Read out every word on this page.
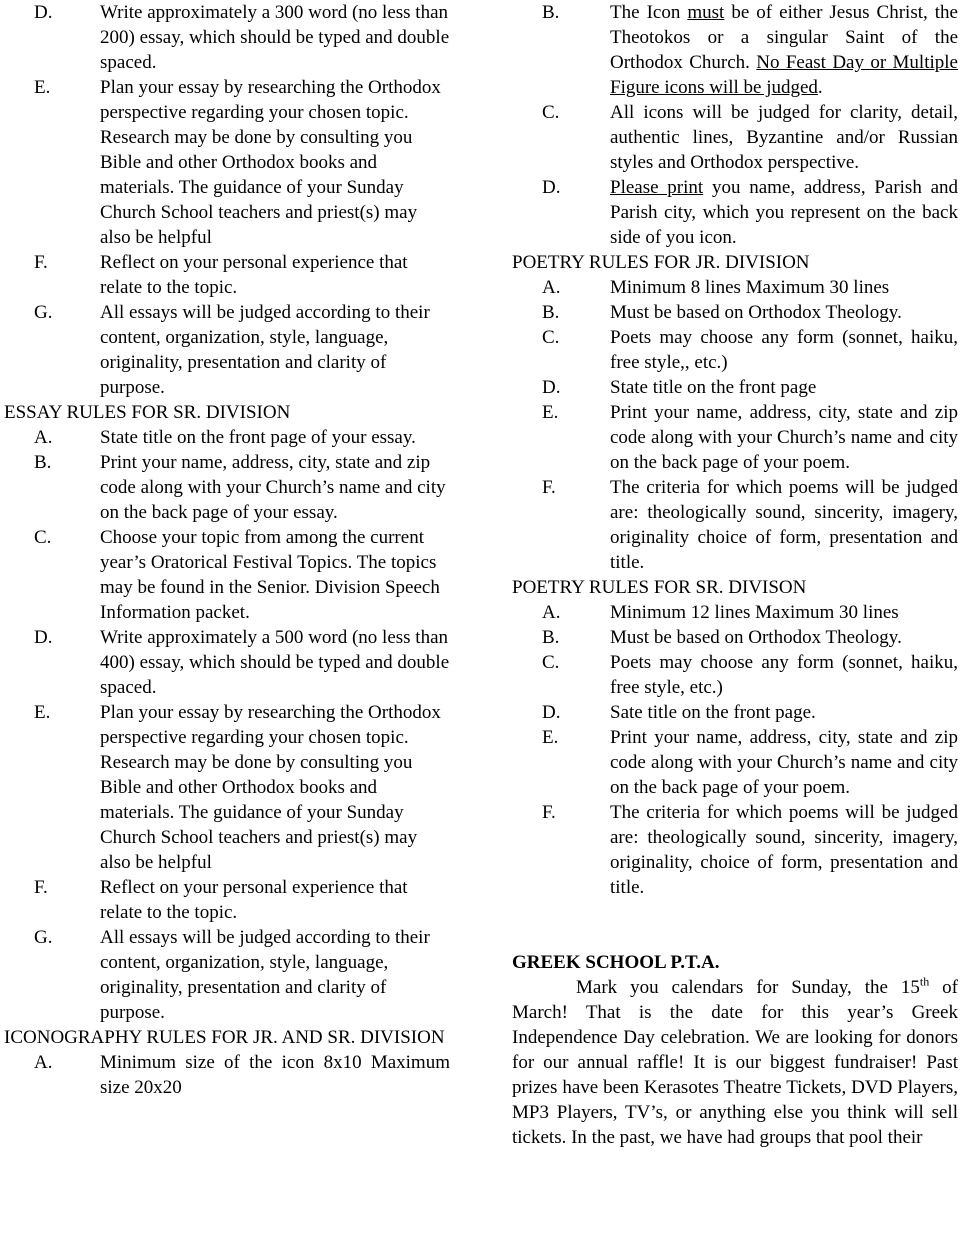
D.	Write approximately a 300 word (no less than 200) essay, which should be typed and double spaced.
E.	Plan your essay by researching the Orthodox perspective regarding your chosen topic. Research may be done by consulting you Bible and other Orthodox books and materials. The guidance of your Sunday Church School teachers and priest(s) may also be helpful
F.	Reflect on your personal experience that relate to the topic.
G.	All essays will be judged according to their content, organization, style, language, originality, presentation and clarity of purpose.
ESSAY RULES FOR SR. DIVISION
A.	State title on the front page of your essay.
B.	Print your name, address, city, state and zip code along with your Church’s name and city on the back page of your essay.
C.	Choose your topic from among the current year’s Oratorical Festival Topics. The topics may be found in the Senior. Division Speech Information packet.
D.	Write approximately a 500 word (no less than 400) essay, which should be typed and double spaced.
E.	Plan your essay by researching the Orthodox perspective regarding your chosen topic. Research may be done by consulting you Bible and other Orthodox books and materials. The guidance of your Sunday Church School teachers and priest(s) may also be helpful
F.	Reflect on your personal experience that relate to the topic.
G.	All essays will be judged according to their content, organization, style, language, originality, presentation and clarity of purpose.
ICONOGRAPHY RULES FOR JR. AND SR. DIVISION
A.	Minimum size of the icon 8x10 Maximum size 20x20
B.	The Icon must be of either Jesus Christ, the Theotokos or a singular Saint of the Orthodox Church. No Feast Day or Multiple Figure icons will be judged.
C.	All icons will be judged for clarity, detail, authentic lines, Byzantine and/or Russian styles and Orthodox perspective.
D.	Please print you name, address, Parish and Parish city, which you represent on the back side of you icon.
POETRY RULES FOR JR. DIVISION
A.	Minimum 8 lines Maximum 30 lines
B.	Must be based on Orthodox Theology.
C.	Poets may choose any form (sonnet, haiku, free style,, etc.)
D.	State title on the front page
E.	Print your name, address, city, state and zip code along with your Church’s name and city on the back page of your poem.
F.	The criteria for which poems will be judged are: theologically sound, sincerity, imagery, originality choice of form, presentation and title.
POETRY RULES FOR SR. DIVISON
A.	Minimum 12 lines Maximum 30 lines
B.	Must be based on Orthodox Theology.
C.	Poets may choose any form (sonnet, haiku, free style, etc.)
D.	Sate title on the front page.
E.	Print your name, address, city, state and zip code along with your Church’s name and city on the back page of your poem.
F.	The criteria for which poems will be judged are: theologically sound, sincerity, imagery, originality, choice of form, presentation and title.
GREEK SCHOOL P.T.A.
Mark you calendars for Sunday, the 15th of March! That is the date for this year’s Greek Independence Day celebration. We are looking for donors for our annual raffle! It is our biggest fundraiser! Past prizes have been Kerasotes Theatre Tickets, DVD Players, MP3 Players, TV’s, or anything else you think will sell tickets. In the past, we have had groups that pool their
